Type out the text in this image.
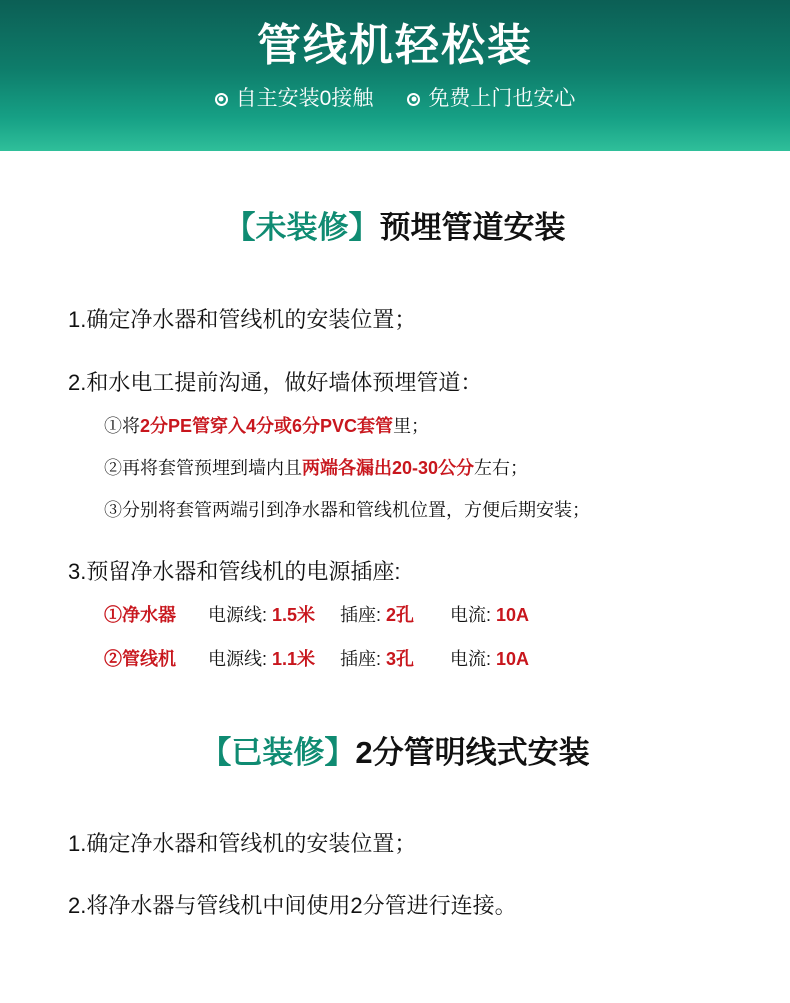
管线机轻松装
自主安装0接触	免费上门也安心
【未装修】预埋管道安装
1.确定净水器和管线机的安装位置；
2.和水电工提前沟通，做好墙体预埋管道：
①将2分PE管穿入4分或6分PVC套管里；
②再将套管预埋到墙内且两端各漏出20-30公分左右；
③分别将套管两端引到净水器和管线机位置，方便后期安装；
3.预留净水器和管线机的电源插座:
①净水器	电源线: 1.5米	插座: 2孔	电流: 10A
②管线机	电源线: 1.1米	插座: 3孔	电流: 10A
【已装修】2分管明线式安装
1.确定净水器和管线机的安装位置；
2.将净水器与管线机中间使用2分管进行连接。
